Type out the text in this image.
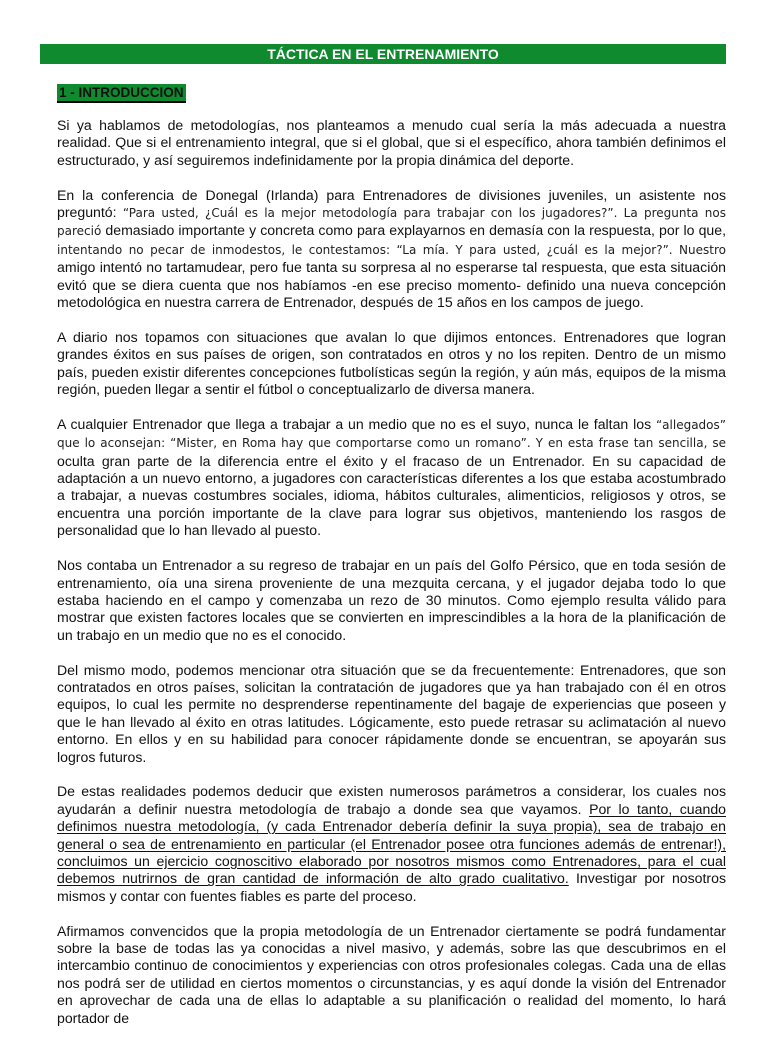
TÁCTICA EN EL ENTRENAMIENTO
1 - INTRODUCCION

Si ya hablamos de metodologías, nos planteamos a menudo cual sería la más adecuada a nuestra realidad. Que si el entrenamiento integral, que si el global, que si el específico, ahora también definimos el estructurado, y así seguiremos indefinidamente por la propia dinámica del deporte.

En la conferencia de Donegal (Irlanda) para Entrenadores de divisiones juveniles, un asistente nos preguntó: “Para usted, ¿Cuál es la mejor metodología para trabajar con los jugadores?”. La pregunta nos pareció demasiado importante y concreta como para explayarnos en demasía con la respuesta, por lo que, intentando no pecar de inmodestos, le contestamos: “La mía. Y para usted, ¿cuál es la mejor?”. Nuestro amigo intentó no tartamudear, pero fue tanta su sorpresa al no esperarse tal respuesta, que esta situación evitó que se diera cuenta que nos habíamos -en ese preciso momento- definido una nueva concepción metodológica en nuestra carrera de Entrenador, después de 15 años en los campos de juego.

A diario nos topamos con situaciones que avalan lo que dijimos entonces. Entrenadores que logran grandes éxitos en sus países de origen, son contratados en otros y no los repiten. Dentro de un mismo país, pueden existir diferentes concepciones futbolísticas según la región, y aún más, equipos de la misma región, pueden llegar a sentir el fútbol o conceptualizarlo de diversa manera.

A cualquier Entrenador que llega a trabajar a un medio que no es el suyo, nunca le faltan los “allegados” que lo aconsejan: “Mister, en Roma hay que comportarse como un romano”. Y en esta frase tan sencilla, se oculta gran parte de la diferencia entre el éxito y el fracaso de un Entrenador. En su capacidad de adaptación a un nuevo entorno, a jugadores con características diferentes a los que estaba acostumbrado a trabajar, a nuevas costumbres sociales, idioma, hábitos culturales, alimenticios, religiosos y otros, se encuentra una porción importante de la clave para lograr sus objetivos, manteniendo los rasgos de personalidad que lo han llevado al puesto.

Nos contaba un Entrenador a su regreso de trabajar en un país del Golfo Pérsico, que en toda sesión de entrenamiento, oía una sirena proveniente de una mezquita cercana, y el jugador dejaba todo lo que estaba haciendo en el campo y comenzaba un rezo de 30 minutos. Como ejemplo resulta válido para mostrar que existen factores locales que se convierten en imprescindibles a la hora de la planificación de un trabajo en un medio que no es el conocido.

Del mismo modo, podemos mencionar otra situación que se da frecuentemente: Entrenadores, que son contratados en otros países, solicitan la contratación de jugadores que ya han trabajado con él en otros equipos, lo cual les permite no desprenderse repentinamente del bagaje de experiencias que poseen y que le han llevado al éxito en otras latitudes. Lógicamente, esto puede retrasar su aclimatación al nuevo entorno. En ellos y en su habilidad para conocer rápidamente donde se encuentran, se apoyarán sus logros futuros.

De estas realidades podemos deducir que existen numerosos parámetros a considerar, los cuales nos ayudarán a definir nuestra metodología de trabajo a donde sea que vayamos. Por lo tanto, cuando definimos nuestra metodología, (y cada Entrenador debería definir la suya propia), sea de trabajo en general o sea de entrenamiento en particular (el Entrenador posee otra funciones además de entrenar!), concluimos un ejercicio cognoscitivo elaborado por nosotros mismos como Entrenadores, para el cual debemos nutrirnos de gran cantidad de información de alto grado cualitativo. Investigar por nosotros mismos y contar con fuentes fiables es parte del proceso.

Afirmamos convencidos que la propia metodología de un Entrenador ciertamente se podrá fundamentar sobre la base de todas las ya conocidas a nivel masivo, y además, sobre las que descubrimos en el intercambio continuo de conocimientos y experiencias con otros profesionales colegas. Cada una de ellas nos podrá ser de utilidad en ciertos momentos o circunstancias, y es aquí donde la visión del Entrenador en aprovechar de cada una de ellas lo adaptable a su planificación o realidad del momento, lo hará portador de
